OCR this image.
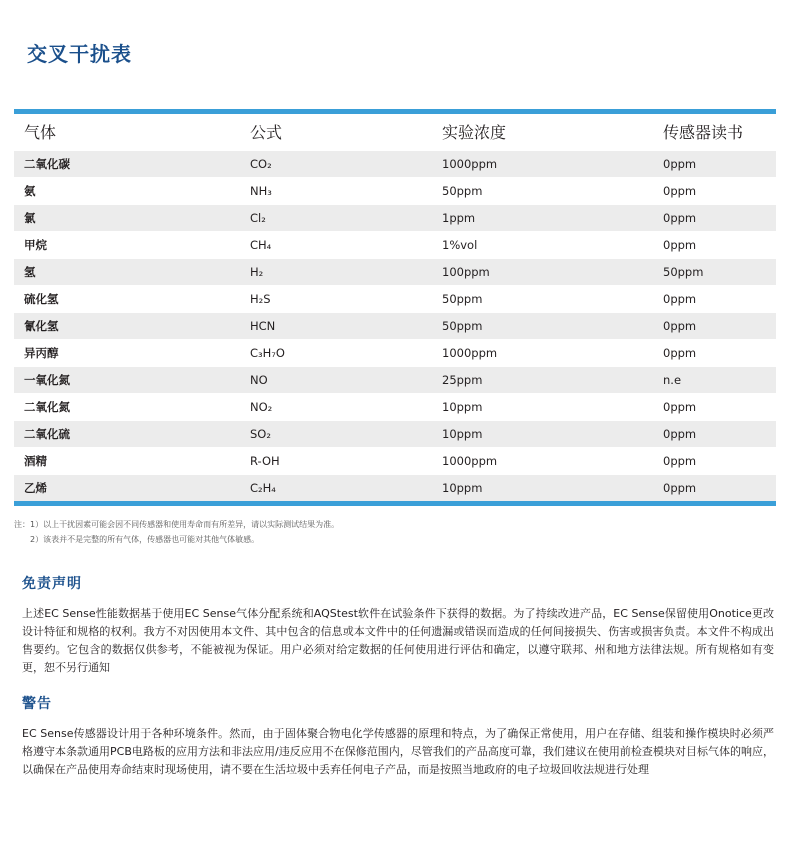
交叉干扰表
气体	公式	实验浓度	传感器读书
二氧化碳	CO₂	1000ppm	0ppm
氨	NH₃	50ppm	0ppm
氯	Cl₂	1ppm	0ppm
甲烷	CH₄	1%vol	0ppm
氢	H₂	100ppm	50ppm
硫化氢	H₂S	50ppm	0ppm
氰化氢	HCN	50ppm	0ppm
异丙醇	C₃H₇O	1000ppm	0ppm
一氧化氮	NO	25ppm	n.e
二氧化氮	NO₂	10ppm	0ppm
二氧化硫	SO₂	10ppm	0ppm
酒精	R-OH	1000ppm	0ppm
乙烯	C₂H₄	10ppm	0ppm
注：1）以上干扰因素可能会因不同传感器和使用寿命而有所差异，请以实际测试结果为准。
2）该表并不是完整的所有气体，传感器也可能对其他气体敏感。
免责声明
上述EC Sense性能数据基于使用EC Sense气体分配系统和AQStest软件在试验条件下获得的数据。为了持续改进产品，EC Sense保留使用Onotice更改设计特征和规格的权利。我方不对因使用本文件、其中包含的信息或本文件中的任何遗漏或错误而造成的任何间接损失、伤害或损害负责。本文件不构成出售要约。它包含的数据仅供参考，不能被视为保证。用户必须对给定数据的任何使用进行评估和确定，以遵守联邦、州和地方法律法规。所有规格如有变更，恕不另行通知
警告
EC Sense传感器设计用于各种环境条件。然而，由于固体聚合物电化学传感器的原理和特点，为了确保正常使用，用户在存储、组装和操作模块时必须严格遵守本条款通用PCB电路板的应用方法和非法应用/违反应用不在保修范围内，尽管我们的产品高度可靠，我们建议在使用前检查模块对目标气体的响应，以确保在产品使用寿命结束时现场使用，请不要在生活垃圾中丢弃任何电子产品，而是按照当地政府的电子垃圾回收法规进行处理
